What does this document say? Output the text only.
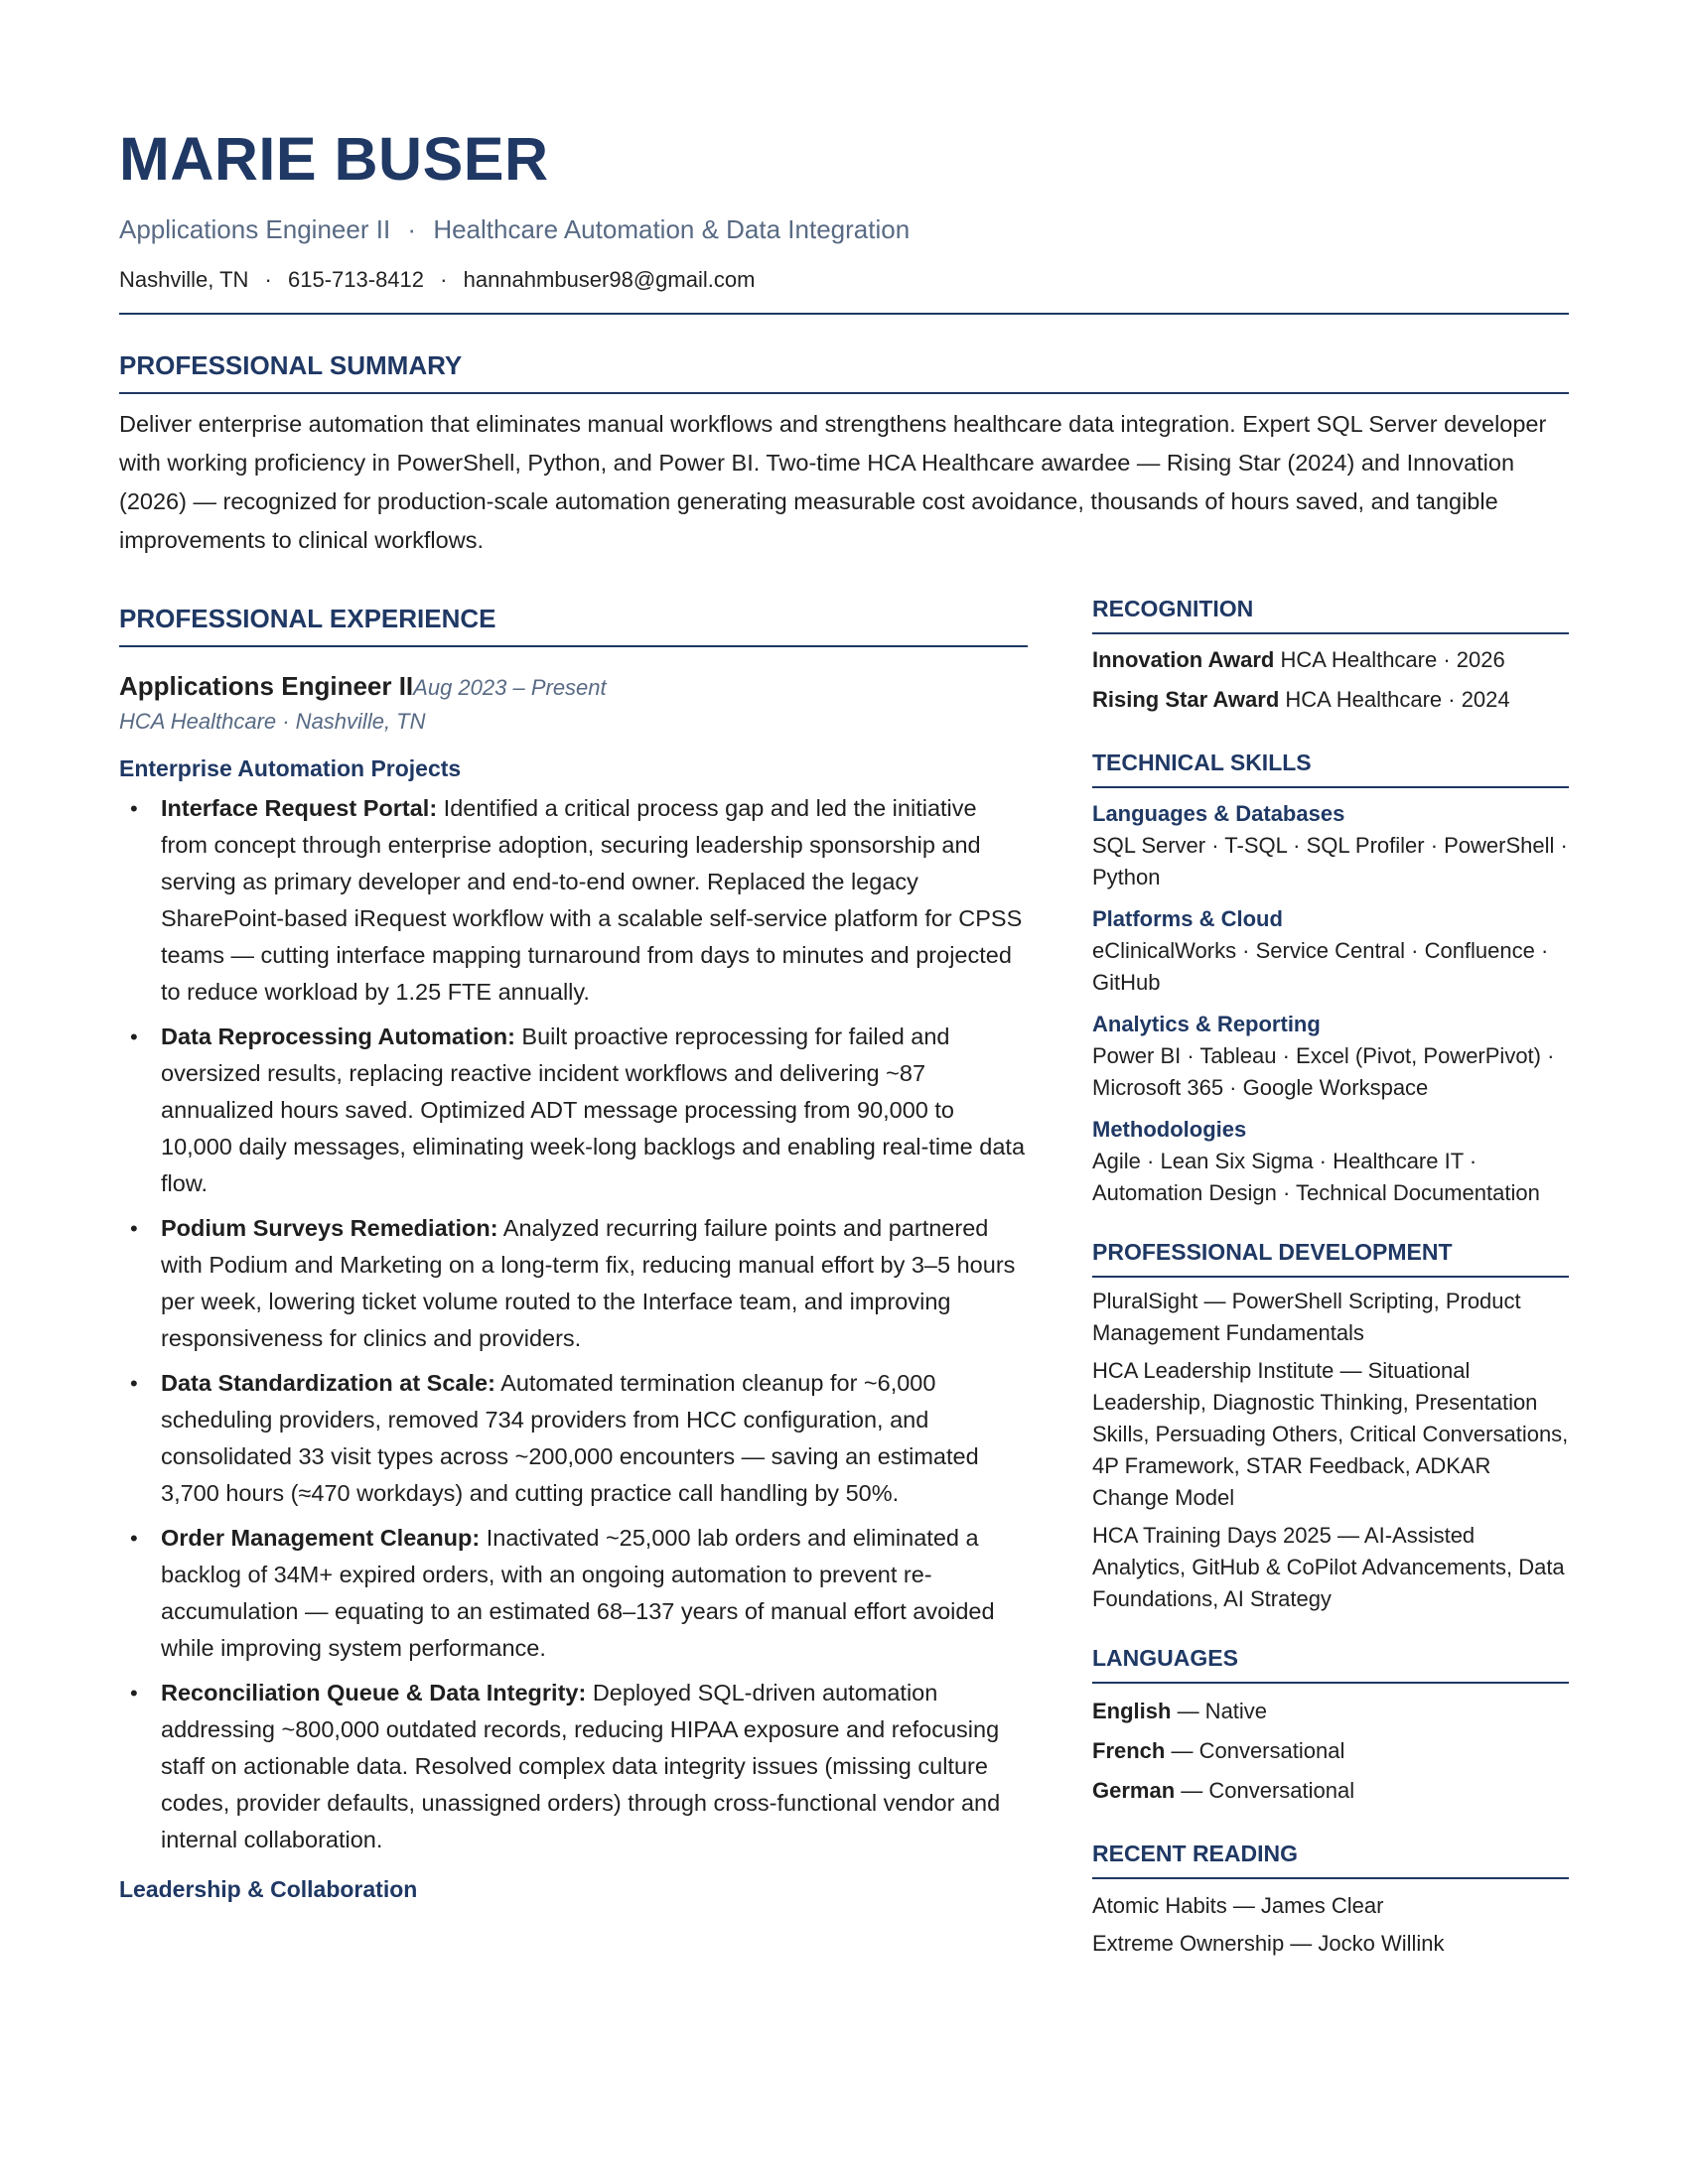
MARIE BUSER
Applications Engineer II · Healthcare Automation & Data Integration
Nashville, TN · 615-713-8412 · hannahmbuser98@gmail.com
PROFESSIONAL SUMMARY
Deliver enterprise automation that eliminates manual workflows and strengthens healthcare data integration. Expert SQL Server developer with working proficiency in PowerShell, Python, and Power BI. Two-time HCA Healthcare awardee — Rising Star (2024) and Innovation (2026) — recognized for production-scale automation generating measurable cost avoidance, thousands of hours saved, and tangible improvements to clinical workflows.
PROFESSIONAL EXPERIENCE
Applications Engineer IIAug 2023 – Present
HCA Healthcare · Nashville, TN
Enterprise Automation Projects
• Interface Request Portal: Identified a critical process gap and led the initiative from concept through enterprise adoption, securing leadership sponsorship and serving as primary developer and end-to-end owner. Replaced the legacy SharePoint-based iRequest workflow with a scalable self-service platform for CPSS teams — cutting interface mapping turnaround from days to minutes and projected to reduce workload by 1.25 FTE annually.
• Data Reprocessing Automation: Built proactive reprocessing for failed and oversized results, replacing reactive incident workflows and delivering ~87 annualized hours saved. Optimized ADT message processing from 90,000 to 10,000 daily messages, eliminating week-long backlogs and enabling real-time data flow.
• Podium Surveys Remediation: Analyzed recurring failure points and partnered with Podium and Marketing on a long-term fix, reducing manual effort by 3–5 hours per week, lowering ticket volume routed to the Interface team, and improving responsiveness for clinics and providers.
• Data Standardization at Scale: Automated termination cleanup for ~6,000 scheduling providers, removed 734 providers from HCC configuration, and consolidated 33 visit types across ~200,000 encounters — saving an estimated 3,700 hours (≈470 workdays) and cutting practice call handling by 50%.
• Order Management Cleanup: Inactivated ~25,000 lab orders and eliminated a backlog of 34M+ expired orders, with an ongoing automation to prevent re-accumulation — equating to an estimated 68–137 years of manual effort avoided while improving system performance.
• Reconciliation Queue & Data Integrity: Deployed SQL-driven automation addressing ~800,000 outdated records, reducing HIPAA exposure and refocusing staff on actionable data. Resolved complex data integrity issues (missing culture codes, provider defaults, unassigned orders) through cross-functional vendor and internal collaboration.
Leadership & Collaboration
RECOGNITION
Innovation Award HCA Healthcare · 2026
Rising Star Award HCA Healthcare · 2024
TECHNICAL SKILLS
Languages & Databases
SQL Server · T-SQL · SQL Profiler · PowerShell · Python
Platforms & Cloud
eClinicalWorks · Service Central · Confluence · GitHub
Analytics & Reporting
Power BI · Tableau · Excel (Pivot, PowerPivot) · Microsoft 365 · Google Workspace
Methodologies
Agile · Lean Six Sigma · Healthcare IT · Automation Design · Technical Documentation
PROFESSIONAL DEVELOPMENT
PluralSight — PowerShell Scripting, Product Management Fundamentals
HCA Leadership Institute — Situational Leadership, Diagnostic Thinking, Presentation Skills, Persuading Others, Critical Conversations, 4P Framework, STAR Feedback, ADKAR Change Model
HCA Training Days 2025 — AI-Assisted Analytics, GitHub & CoPilot Advancements, Data Foundations, AI Strategy
LANGUAGES
English — Native
French — Conversational
German — Conversational
RECENT READING
Atomic Habits — James Clear
Extreme Ownership — Jocko Willink
